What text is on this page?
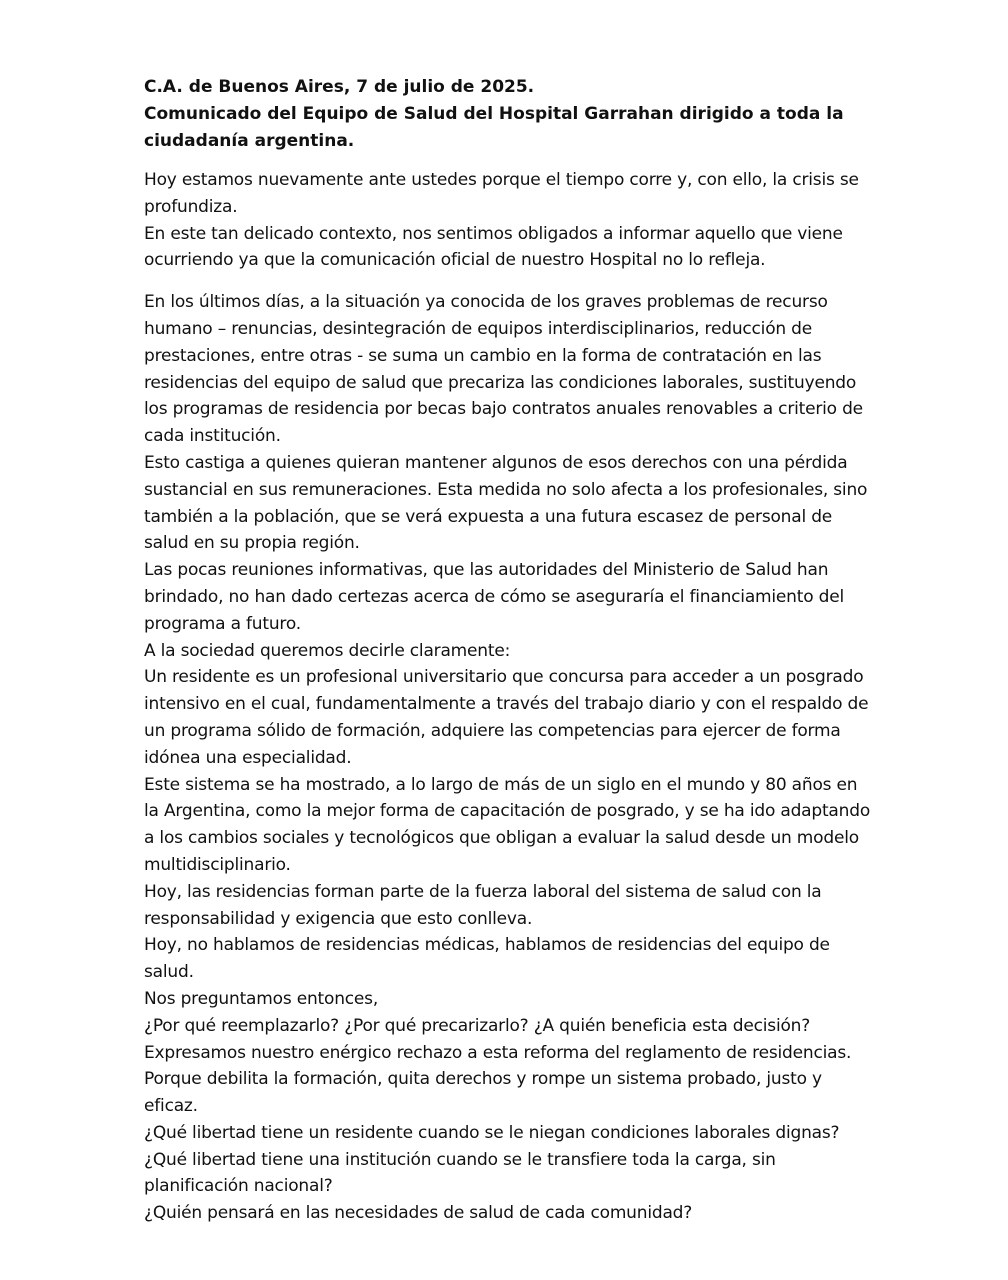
C.A. de Buenos Aires, 7 de julio de 2025.

Comunicado del Equipo de Salud del Hospital Garrahan dirigido a toda la ciudadanía argentina.

Hoy estamos nuevamente ante ustedes porque el tiempo corre y, con ello, la crisis se profundiza.

En este tan delicado contexto, nos sentimos obligados a informar aquello que viene ocurriendo ya que la comunicación oficial de nuestro Hospital no lo refleja.

En los últimos días, a la situación ya conocida de los graves problemas de recurso humano – renuncias, desintegración de equipos interdisciplinarios, reducción de prestaciones, entre otras - se suma un cambio en la forma de contratación en las residencias del equipo de salud que precariza las condiciones laborales, sustituyendo los programas de residencia por becas bajo contratos anuales renovables a criterio de cada institución.

Esto castiga a quienes quieran mantener algunos de esos derechos con una pérdida sustancial en sus remuneraciones. Esta medida no solo afecta a los profesionales, sino también a la población, que se verá expuesta a una futura escasez de personal de salud en su propia región.

Las pocas reuniones informativas, que las autoridades del Ministerio de Salud han brindado, no han dado certezas acerca de cómo se aseguraría el financiamiento del programa a futuro.

A la sociedad queremos decirle claramente:

Un residente es un profesional universitario que concursa para acceder a un posgrado intensivo en el cual, fundamentalmente a través del trabajo diario y con el respaldo de un programa sólido de formación, adquiere las competencias para ejercer de forma idónea una especialidad.

Este sistema se ha mostrado, a lo largo de más de un siglo en el mundo y 80 años en la Argentina, como la mejor forma de capacitación de posgrado, y se ha ido adaptando a los cambios sociales y tecnológicos que obligan a evaluar la salud desde un modelo multidisciplinario.

Hoy, las residencias forman parte de la fuerza laboral del sistema de salud con la responsabilidad y exigencia que esto conlleva.

Hoy, no hablamos de residencias médicas, hablamos de residencias del equipo de salud.

Nos preguntamos entonces,

¿Por qué reemplazarlo? ¿Por qué precarizarlo? ¿A quién beneficia esta decisión?

Expresamos nuestro enérgico rechazo a esta reforma del reglamento de residencias.

Porque debilita la formación, quita derechos y rompe un sistema probado, justo y eficaz.

¿Qué libertad tiene un residente cuando se le niegan condiciones laborales dignas?

¿Qué libertad tiene una institución cuando se le transfiere toda la carga, sin planificación nacional?

¿Quién pensará en las necesidades de salud de cada comunidad?
